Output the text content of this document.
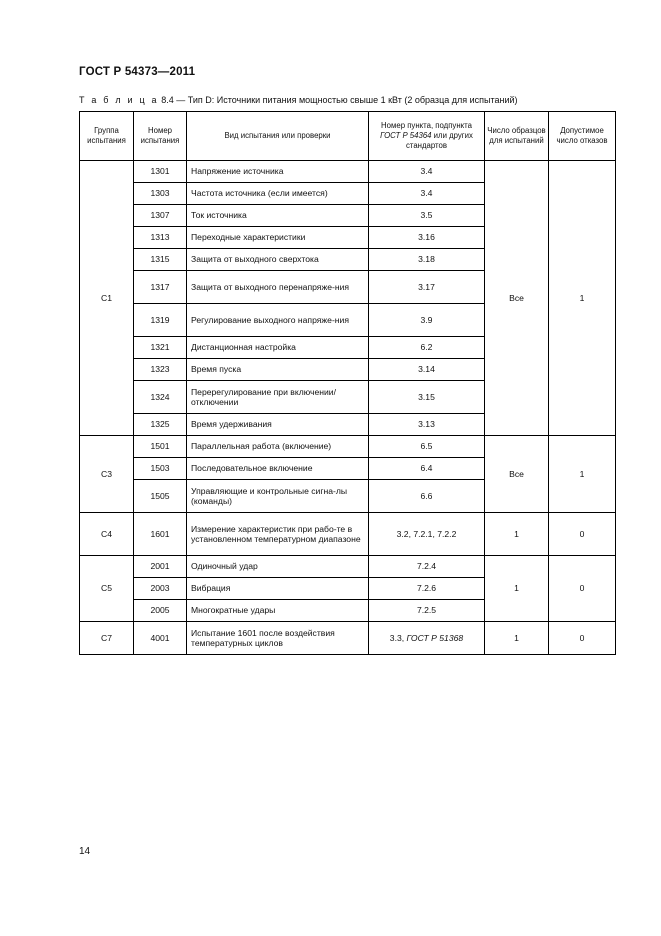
ГОСТ Р 54373—2011
Т а б л и ц а 8.4 — Тип D: Источники питания мощностью свыше 1 кВт (2 образца для испытаний)
Группа испытания	Номер испытания	Вид испытания или проверки	Номер пункта, подпункта ГОСТ Р 54364 или других стандартов	Число образцов для испытаний	Допустимое число отказов
C1	1301	Напряжение источника	3.4	Все	1
	1303	Частота источника (если имеется)	3.4		
	1307	Ток источника	3.5		
	1313	Переходные характеристики	3.16		
	1315	Защита от выходного сверхтока	3.18		
	1317	Защита от выходного перенапряже-ния	3.17		
	1319	Регулирование выходного напряже-ния	3.9		
	1321	Дистанционная настройка	6.2		
	1323	Время пуска	3.14		
	1324	Перерегулирование при включении/ отключении	3.15		
	1325	Время удерживания	3.13		
C3	1501	Параллельная работа (включение)	6.5	Все	1
	1503	Последовательное включение	6.4		
	1505	Управляющие и контрольные сигна-лы (команды)	6.6		
C4	1601	Измерение характеристик при рабо-те в установленном температурном диапазоне	3.2, 7.2.1, 7.2.2	1	0
C5	2001	Одиночный удар	7.2.4	1	0
	2003	Вибрация	7.2.6		
	2005	Многократные удары	7.2.5		
C7	4001	Испытание 1601 после воздействия температурных циклов	3.3, ГОСТ Р 51368	1	0
14
